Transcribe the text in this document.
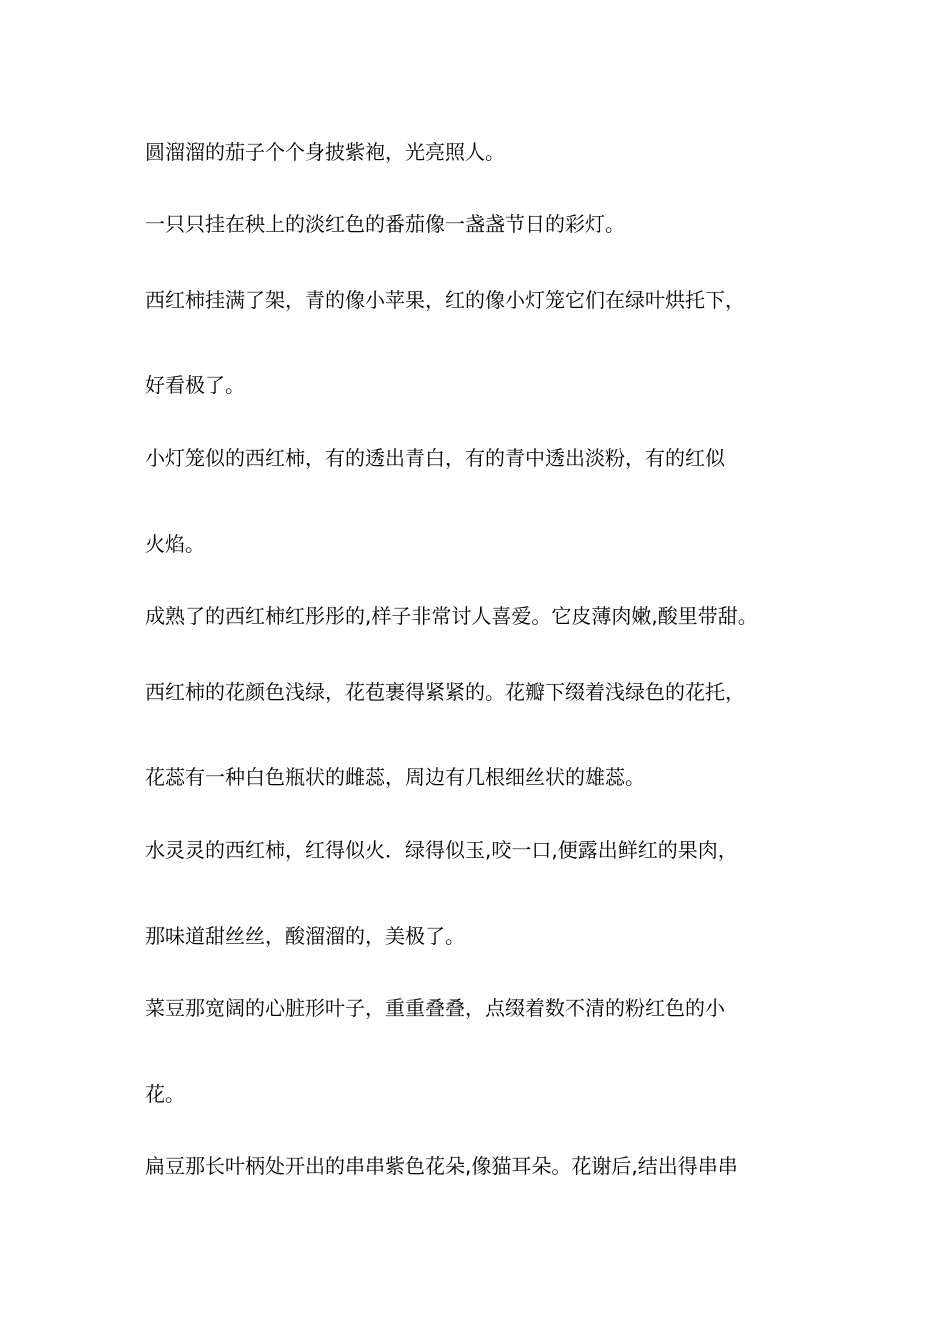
圆溜溜的茄子个个身披紫袍，光亮照人。

一只只挂在秧上的淡红色的番茄像一盏盏节日的彩灯。

西红柿挂满了架，青的像小苹果，红的像小灯笼它们在绿叶烘托下，

好看极了。

小灯笼似的西红柿，有的透出青白，有的青中透出淡粉，有的红似

火焰。

成熟了的西红柿红彤彤的,样子非常讨人喜爱。它皮薄肉嫩,酸里带甜。

西红柿的花颜色浅绿，花苞裹得紧紧的。花瓣下缀着浅绿色的花托，

花蕊有一种白色瓶状的雌蕊，周边有几根细丝状的雄蕊。

水灵灵的西红柿，红得似火．绿得似玉,咬一口,便露出鲜红的果肉，

那味道甜丝丝，酸溜溜的，美极了。

菜豆那宽阔的心脏形叶子，重重叠叠，点缀着数不清的粉红色的小

花。

扁豆那长叶柄处开出的串串紫色花朵,像猫耳朵。花谢后,结出得串串
